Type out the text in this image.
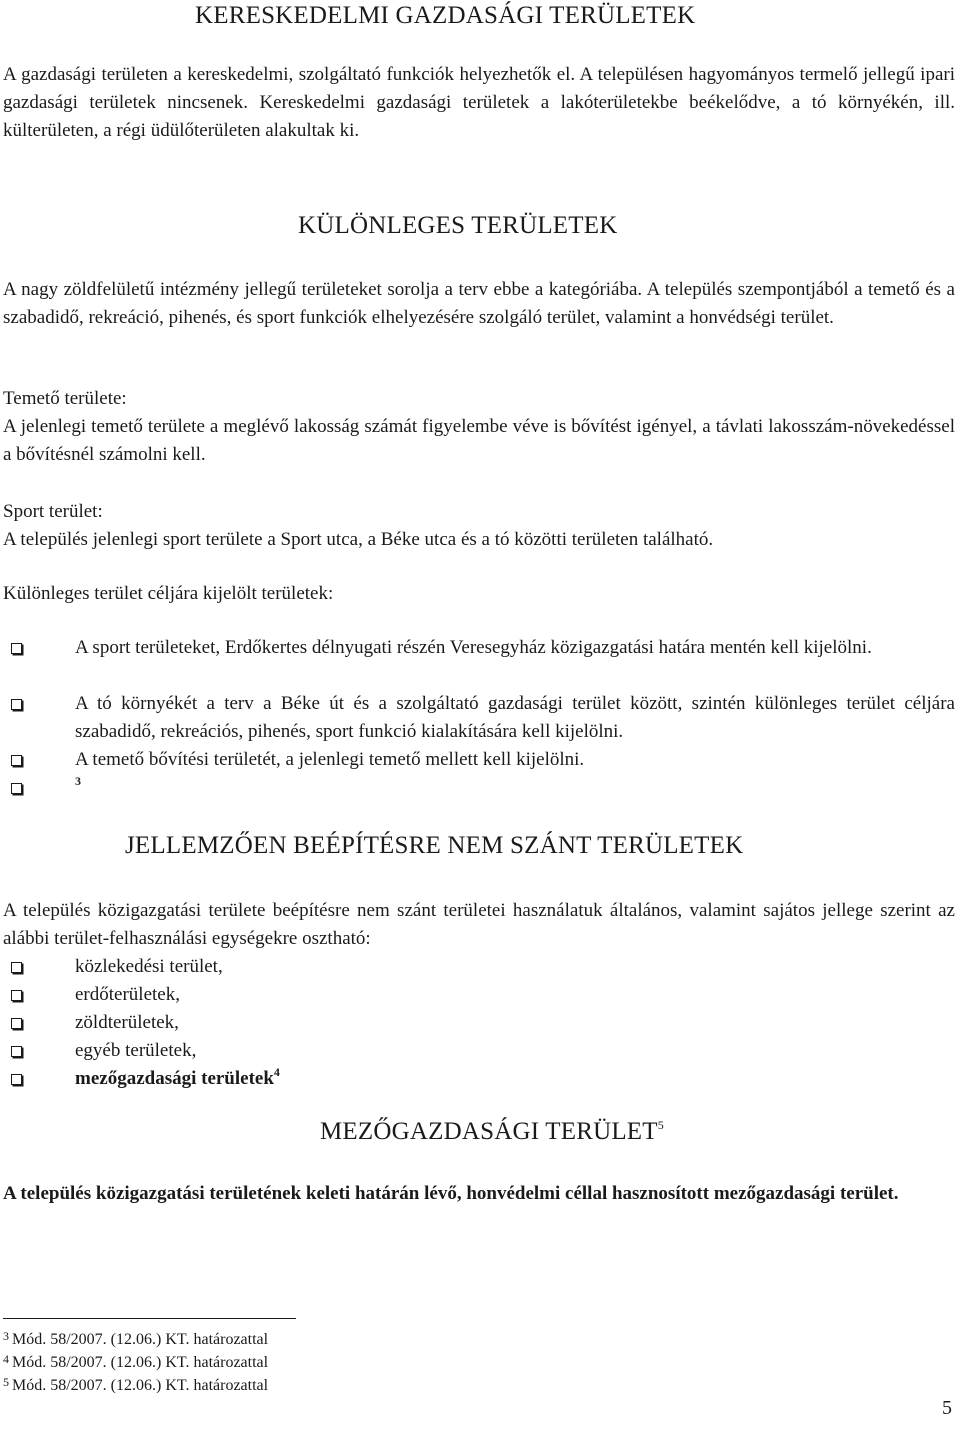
KERESKEDELMI GAZDASÁGI TERÜLETEK
A gazdasági területen a kereskedelmi, szolgáltató funkciók helyezhetők el. A településen hagyományos termelő jellegű ipari gazdasági területek nincsenek. Kereskedelmi gazdasági területek a lakóterületekbe beékelődve, a tó környékén, ill. külterületen, a régi üdülőterületen alakultak ki.
KÜLÖNLEGES TERÜLETEK
A nagy zöldfelületű intézmény jellegű területeket sorolja a terv ebbe a kategóriába. A település szempontjából a temető és a szabadidő, rekreáció, pihenés, és sport funkciók elhelyezésére szolgáló terület, valamint a honvédségi terület.
Temető területe:
A jelenlegi temető területe a meglévő lakosság számát figyelembe véve is bővítést igényel, a távlati lakosszám-növekedéssel a bővítésnél számolni kell.
Sport terület:
A település jelenlegi sport területe a Sport utca, a Béke utca és a tó közötti területen található.
Különleges terület céljára kijelölt területek:
A sport területeket, Erdőkertes délnyugati részén Veresegyház közigazgatási határa mentén kell kijelölni.
A tó környékét a terv a Béke út és a szolgáltató gazdasági terület között, szintén különleges terület céljára szabadidő, rekreációs, pihenés, sport funkció kialakítására kell kijelölni.
A temető bővítési területét, a jelenlegi temető mellett kell kijelölni.
$^3$
JELLEMZŐEN BEÉPÍTÉSRE NEM SZÁNT TERÜLETEK
A település közigazgatási területe beépítésre nem szánt területei használatuk általános, valamint sajátos jellege szerint az alábbi terület-felhasználási egységekre osztható:
közlekedési terület,
erdőterületek,
zöldterületek,
egyéb területek,
mezőgazdasági területek$^4$
MEZŐGAZDASÁGI TERÜLET$^5$
A település közigazgatási területének keleti határán lévő, honvédelmi céllal hasznosított mezőgazdasági terület.
$^3$ Mód. 58/2007. (12.06.) KT. határozattal
$^4$ Mód. 58/2007. (12.06.) KT. határozattal
$^5$ Mód. 58/2007. (12.06.) KT. határozattal
5
